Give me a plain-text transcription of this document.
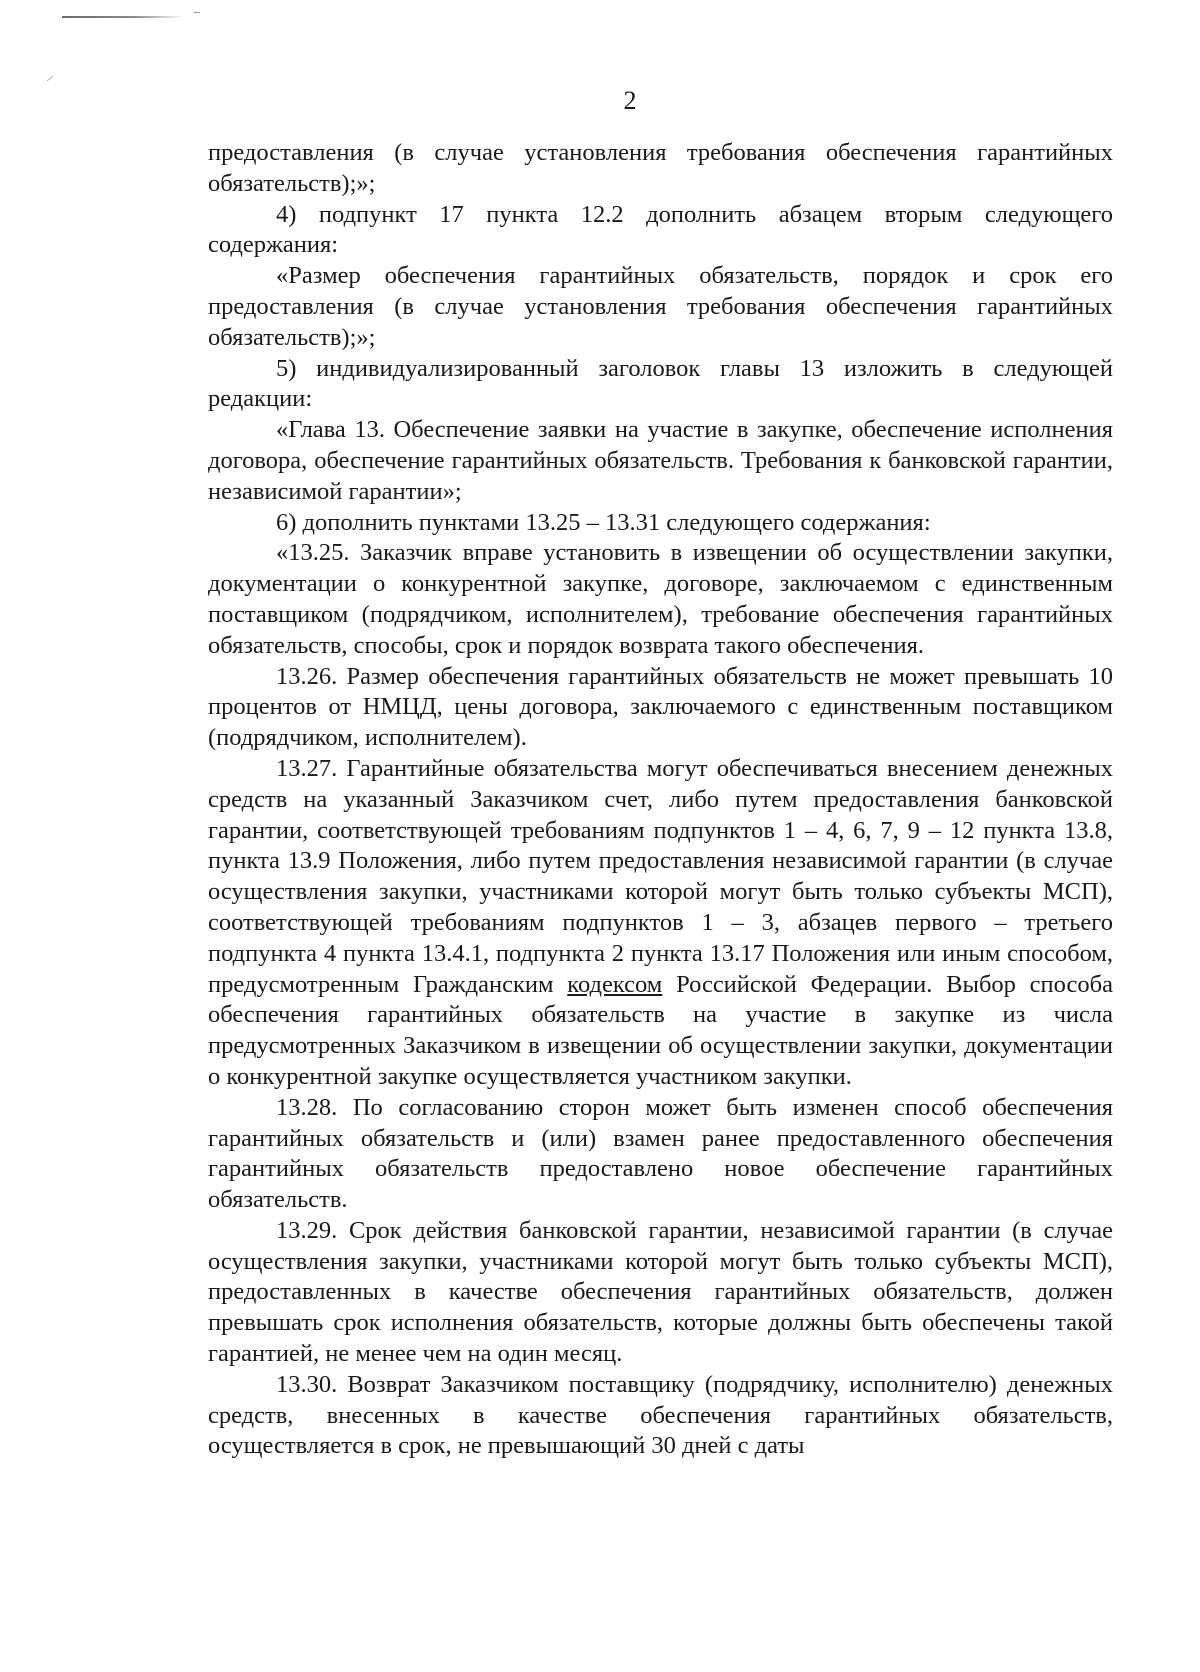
2

предоставления (в случае установления требования обеспечения гарантийных обязательств);»;

4) подпункт 17 пункта 12.2 дополнить абзацем вторым следующего содержания:

«Размер обеспечения гарантийных обязательств, порядок и срок его предоставления (в случае установления требования обеспечения гарантийных обязательств);»;

5) индивидуализированный заголовок главы 13 изложить в следующей редакции:

«Глава 13. Обеспечение заявки на участие в закупке, обеспечение исполнения договора, обеспечение гарантийных обязательств. Требования к банковской гарантии, независимой гарантии»;

6) дополнить пунктами 13.25 – 13.31 следующего содержания:

«13.25. Заказчик вправе установить в извещении об осуществлении закупки, документации о конкурентной закупке, договоре, заключаемом с единственным поставщиком (подрядчиком, исполнителем), требование обеспечения гарантийных обязательств, способы, срок и порядок возврата такого обеспечения.

13.26. Размер обеспечения гарантийных обязательств не может превышать 10 процентов от НМЦД, цены договора, заключаемого с единственным поставщиком (подрядчиком, исполнителем).

13.27. Гарантийные обязательства могут обеспечиваться внесением денежных средств на указанный Заказчиком счет, либо путем предоставления банковской гарантии, соответствующей требованиям подпунктов 1 – 4, 6, 7, 9 – 12 пункта 13.8, пункта 13.9 Положения, либо путем предоставления независимой гарантии (в случае осуществления закупки, участниками которой могут быть только субъекты МСП), соответствующей требованиям подпунктов 1 – 3, абзацев первого – третьего подпункта 4 пункта 13.4.1, подпункта 2 пункта 13.17 Положения или иным способом, предусмотренным Гражданским кодексом Российской Федерации. Выбор способа обеспечения гарантийных обязательств на участие в закупке из числа предусмотренных Заказчиком в извещении об осуществлении закупки, документации о конкурентной закупке осуществляется участником закупки.

13.28. По согласованию сторон может быть изменен способ обеспечения гарантийных обязательств и (или) взамен ранее предоставленного обеспечения гарантийных обязательств предоставлено новое обеспечение гарантийных обязательств.

13.29. Срок действия банковской гарантии, независимой гарантии (в случае осуществления закупки, участниками которой могут быть только субъекты МСП), предоставленных в качестве обеспечения гарантийных обязательств, должен превышать срок исполнения обязательств, которые должны быть обеспечены такой гарантией, не менее чем на один месяц.

13.30. Возврат Заказчиком поставщику (подрядчику, исполнителю) денежных средств, внесенных в качестве обеспечения гарантийных обязательств, осуществляется в срок, не превышающий 30 дней с даты
